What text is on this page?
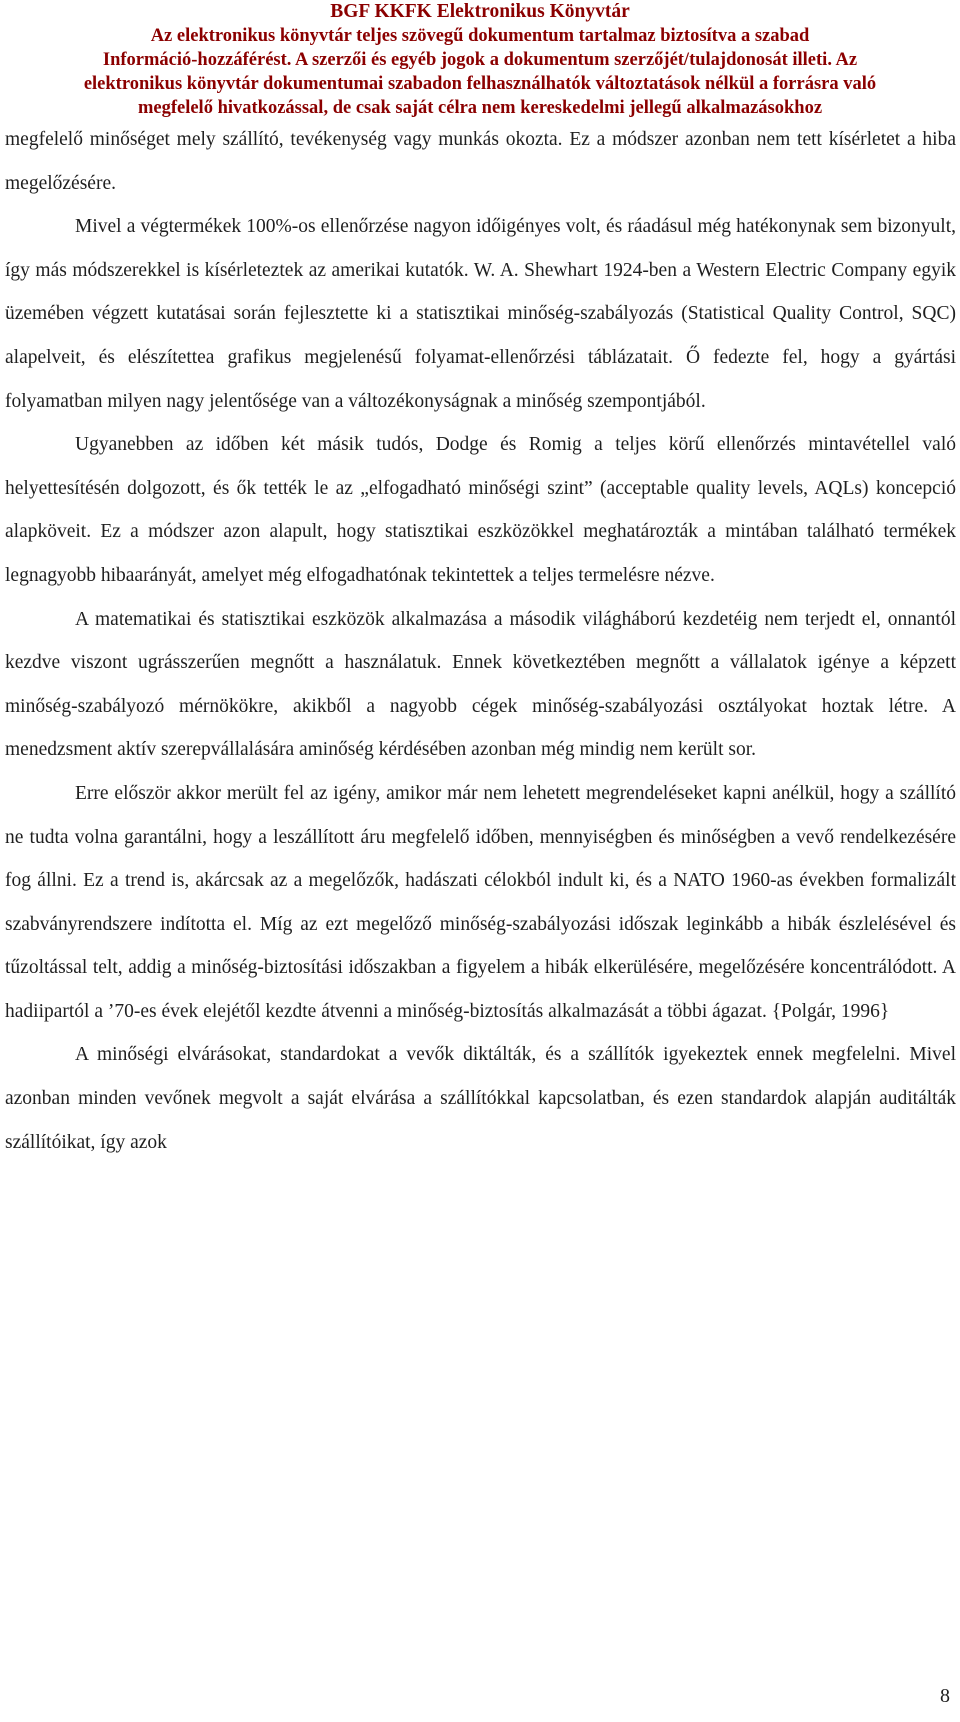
BGF KKFK Elektronikus Könyvtár
Az elektronikus könyvtár teljes szövegű dokumentum tartalmaz biztosítva a szabad
Információ-hozzáférést. A szerzői és egyéb jogok a dokumentum szerzőjét/tulajdonosát illeti. Az
elektronikus könyvtár dokumentumai szabadon felhasználhatók változtatások nélkül a forrásra való
megfelelő hivatkozással, de csak saját célra nem kereskedelmi jellegű alkalmazásokhoz

megfelelő minőséget mely szállító, tevékenység vagy munkás okozta. Ez a módszer azonban nem tett kísérletet a hiba megelőzésére.

Mivel a végtermékek 100%-os ellenőrzése nagyon időigényes volt, és ráadásul még hatékonynak sem bizonyult, így más módszerekkel is kísérleteztek az amerikai kutatók. W. A. Shewhart 1924-ben a Western Electric Company egyik üzemében végzett kutatásai során fejlesztette ki a statisztikai minőség-szabályozás (Statistical Quality Control, SQC) alapelveit, és elészítettea grafikus megjelenésű folyamat-ellenőrzési táblázatait. Ő fedezte fel, hogy a gyártási folyamatban milyen nagy jelentősége van a változékonyságnak a minőség szempontjából.

Ugyanebben az időben két másik tudós, Dodge és Romig a teljes körű ellenőrzés mintavétellel való helyettesítésén dolgozott, és ők tették le az „elfogadható minőségi szint” (acceptable quality levels, AQLs) koncepció alapköveit. Ez a módszer azon alapult, hogy statisztikai eszközökkel meghatározták a mintában található termékek legnagyobb hibaarányát, amelyet még elfogadhatónak tekintettek a teljes termelésre nézve.

A matematikai és statisztikai eszközök alkalmazása a második világháború kezdetéig nem terjedt el, onnantól kezdve viszont ugrásszerűen megnőtt a használatuk. Ennek következtében megnőtt a vállalatok igénye a képzett minőség-szabályozó mérnökökre, akikből a nagyobb cégek minőség-szabályozási osztályokat hoztak létre. A menedzsment aktív szerepvállalására aminőség kérdésében azonban még mindig nem került sor.

Erre először akkor merült fel az igény, amikor már nem lehetett megrendeléseket kapni anélkül, hogy a szállító ne tudta volna garantálni, hogy a leszállított áru megfelelő időben, mennyiségben és minőségben a vevő rendelkezésére fog állni. Ez a trend is, akárcsak az a megelőzők, hadászati célokból indult ki, és a NATO 1960-as években formalizált szabványrendszere indította el. Míg az ezt megelőző minőség-szabályozási időszak leginkább a hibák észlelésével és tűzoltással telt, addig a minőség-biztosítási időszakban a figyelem a hibák elkerülésére, megelőzésére koncentrálódott. A hadiipartól a ’70-es évek elejétől kezdte átvenni a minőség-biztosítás alkalmazását a többi ágazat. {Polgár, 1996}

A minőségi elvárásokat, standardokat a vevők diktálták, és a szállítók igyekeztek ennek megfelelni. Mivel azonban minden vevőnek megvolt a saját elvárása a szállítókkal kapcsolatban, és ezen standardok alapján auditálták szállítóikat, így azok

8
